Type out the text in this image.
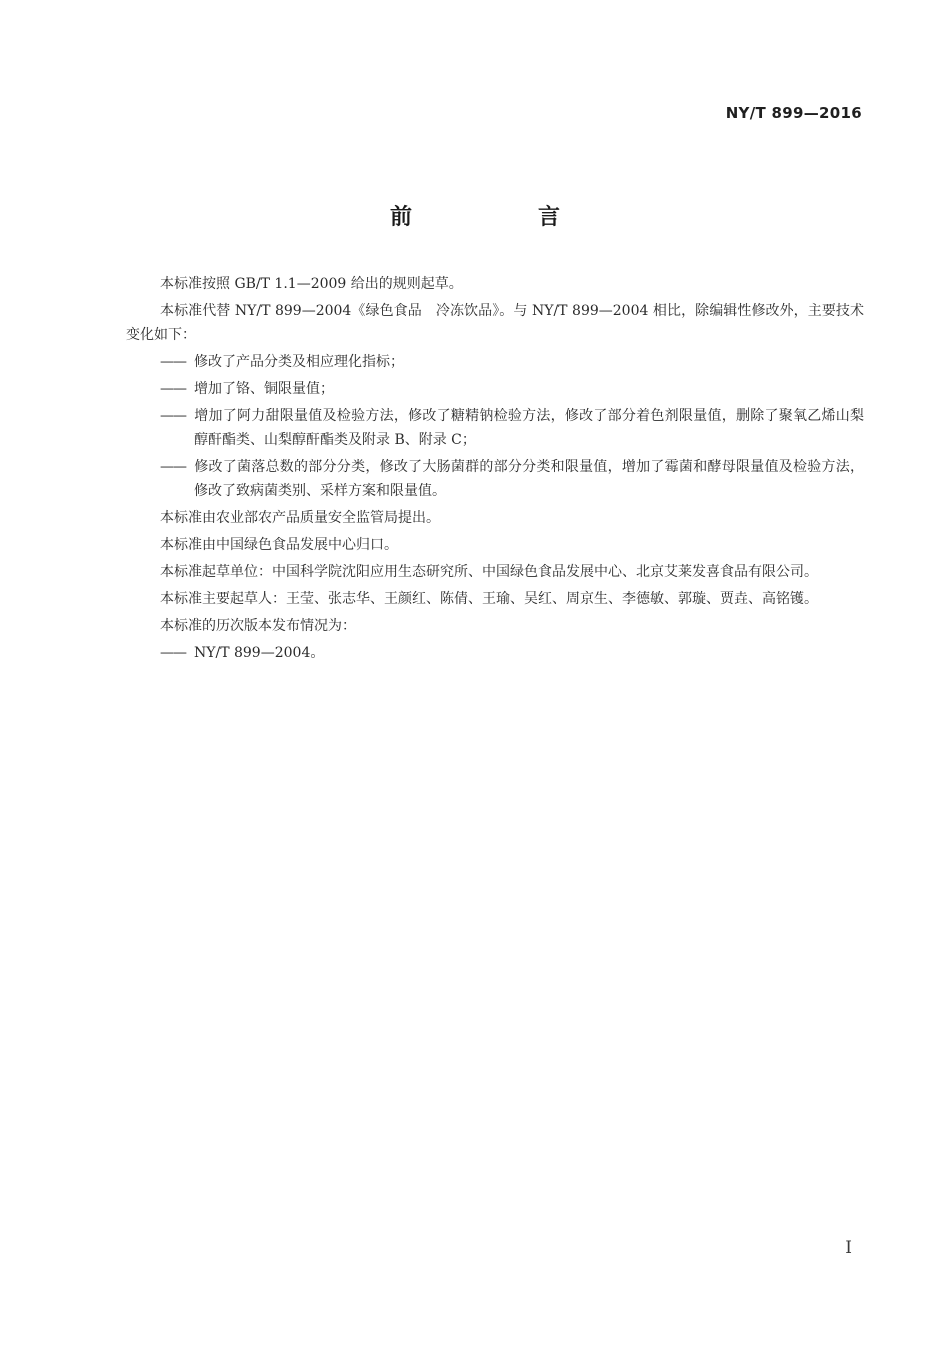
NY/T 899—2016
前　言

本标准按照 GB/T 1.1—2009 给出的规则起草。

本标准代替 NY/T 899—2004《绿色食品　冷冻饮品》。与 NY/T 899—2004 相比，除编辑性修改外，主要技术变化如下：

—— 修改了产品分类及相应理化指标；

—— 增加了铬、铜限量值；

—— 增加了阿力甜限量值及检验方法，修改了糖精钠检验方法，修改了部分着色剂限量值，删除了聚氧乙烯山梨醇酐酯类、山梨醇酐酯类及附录 B、附录 C；

—— 修改了菌落总数的部分分类，修改了大肠菌群的部分分类和限量值，增加了霉菌和酵母限量值及检验方法，修改了致病菌类别、采样方案和限量值。

本标准由农业部农产品质量安全监管局提出。

本标准由中国绿色食品发展中心归口。

本标准起草单位：中国科学院沈阳应用生态研究所、中国绿色食品发展中心、北京艾莱发喜食品有限公司。

本标准主要起草人：王莹、张志华、王颜红、陈倩、王瑜、吴红、周京生、李德敏、郭璇、贾垚、高铭镬。

本标准的历次版本发布情况为：

—— NY/T 899—2004。

I
